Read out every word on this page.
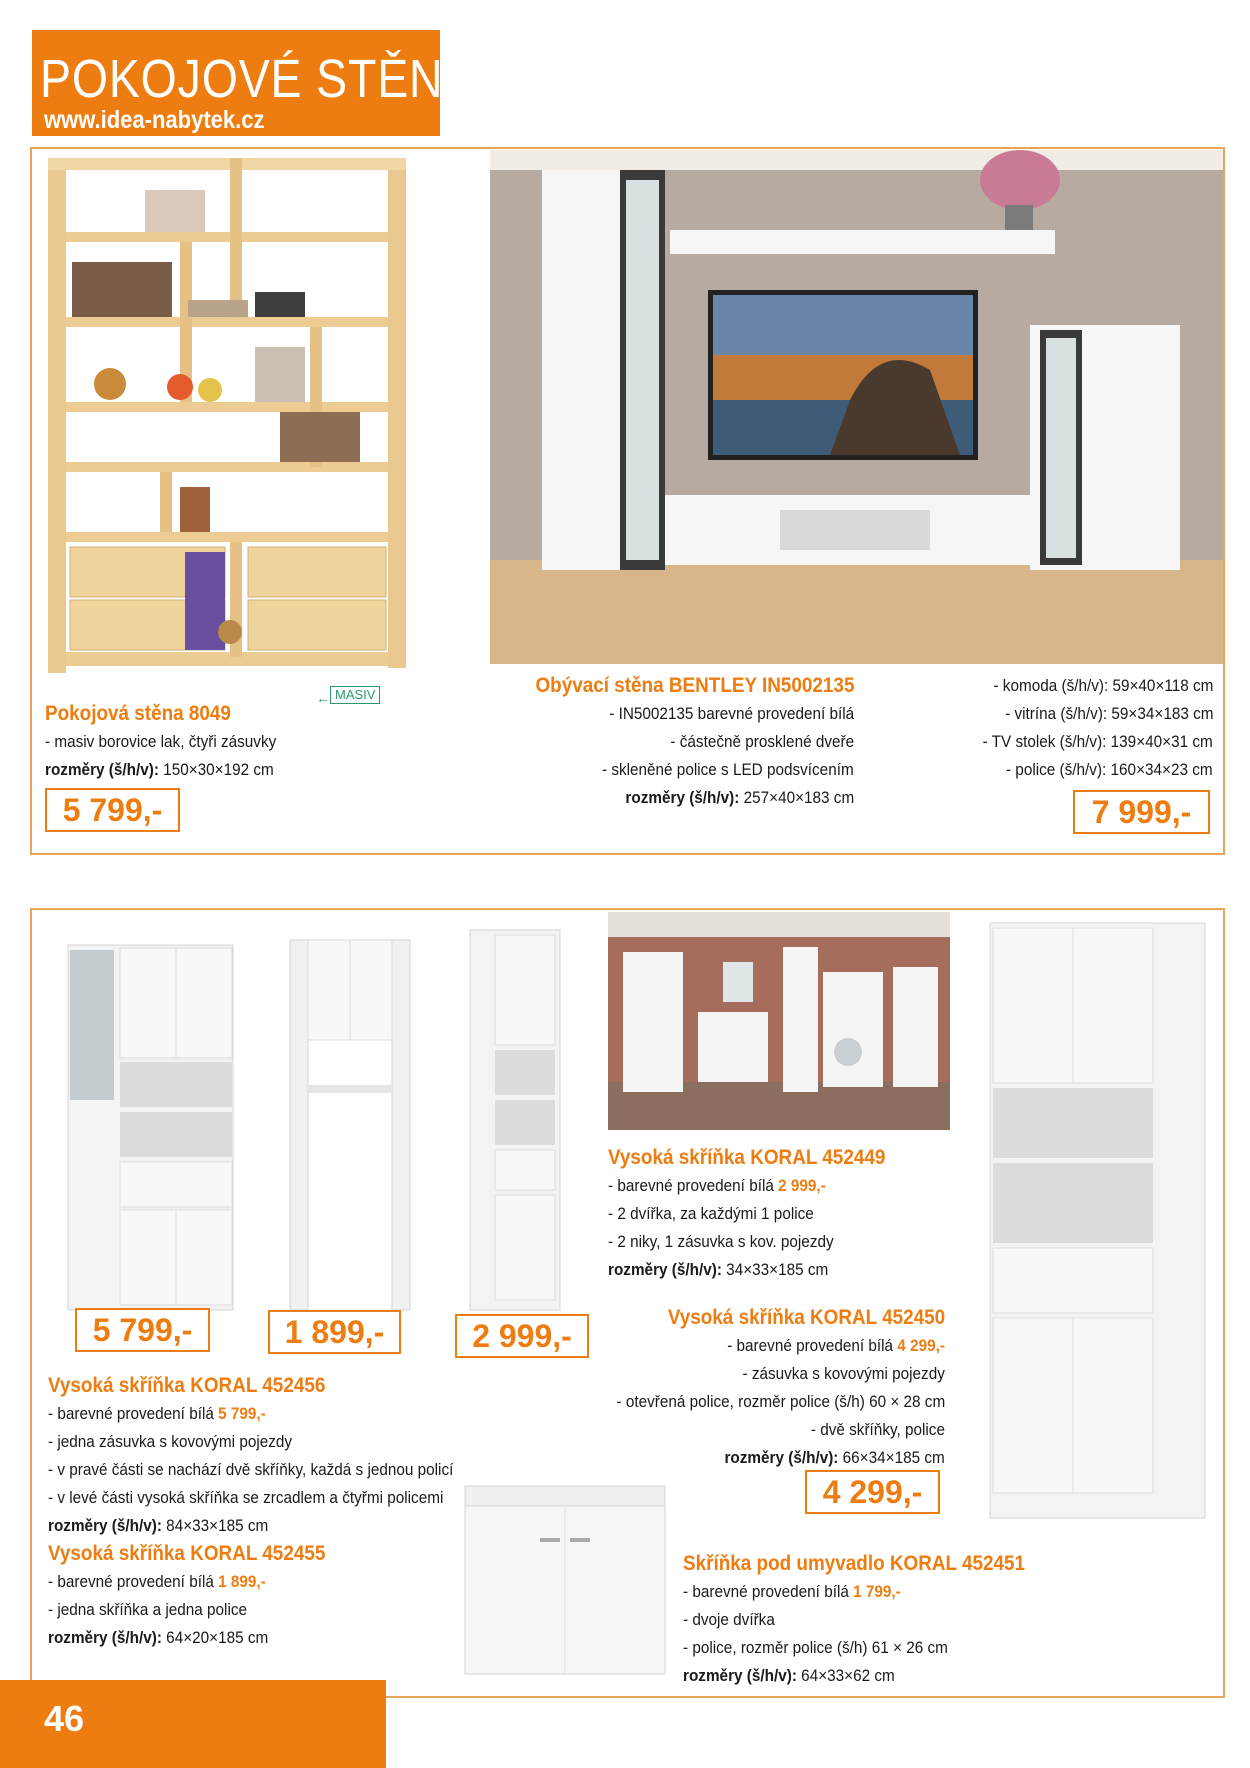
POKOJOVÉ STĚNY
www.idea-nabytek.cz
← MASIV
Pokojová stěna 8049
- masiv borovice lak, čtyři zásuvky
rozměry (š/h/v): 150×30×192 cm
5 799,-
Obývací stěna BENTLEY IN5002135
- IN5002135 barevné provedení bílá
- částečně prosklené dveře
- skleněné police s LED podsvícením
rozměry (š/h/v): 257×40×183 cm
- komoda (š/h/v): 59×40×118 cm
- vitrína (š/h/v): 59×34×183 cm
- TV stolek (š/h/v): 139×40×31 cm
- police (š/h/v): 160×34×23 cm
7 999,-
5 799,-	1 899,-	2 999,-
4 299,-
Vysoká skříňka KORAL 452449
- barevné provedení bílá 2 999,-
- 2 dvířka, za každými 1 police
- 2 niky, 1 zásuvka s kov. pojezdy
rozměry (š/h/v): 34×33×185 cm
Vysoká skříňka KORAL 452450
- barevné provedení bílá 4 299,-
- zásuvka s kovovými pojezdy
- otevřená police, rozměr police (š/h) 60 × 28 cm
- dvě skříňky, police
rozměry (š/h/v): 66×34×185 cm
Vysoká skříňka KORAL 452456
- barevné provedení bílá 5 799,-
- jedna zásuvka s kovovými pojezdy
- v pravé části se nachází dvě skříňky, každá s jednou policí
- v levé části vysoká skříňka se zrcadlem a čtyřmi policemi
rozměry (š/h/v): 84×33×185 cm
Vysoká skříňka KORAL 452455
- barevné provedení bílá 1 899,-
- jedna skříňka a jedna police
rozměry (š/h/v): 64×20×185 cm
Skříňka pod umyvadlo KORAL 452451
- barevné provedení bílá 1 799,-
- dvoje dvířka
- police, rozměr police (š/h) 61 × 26 cm
rozměry (š/h/v): 64×33×62 cm
46
